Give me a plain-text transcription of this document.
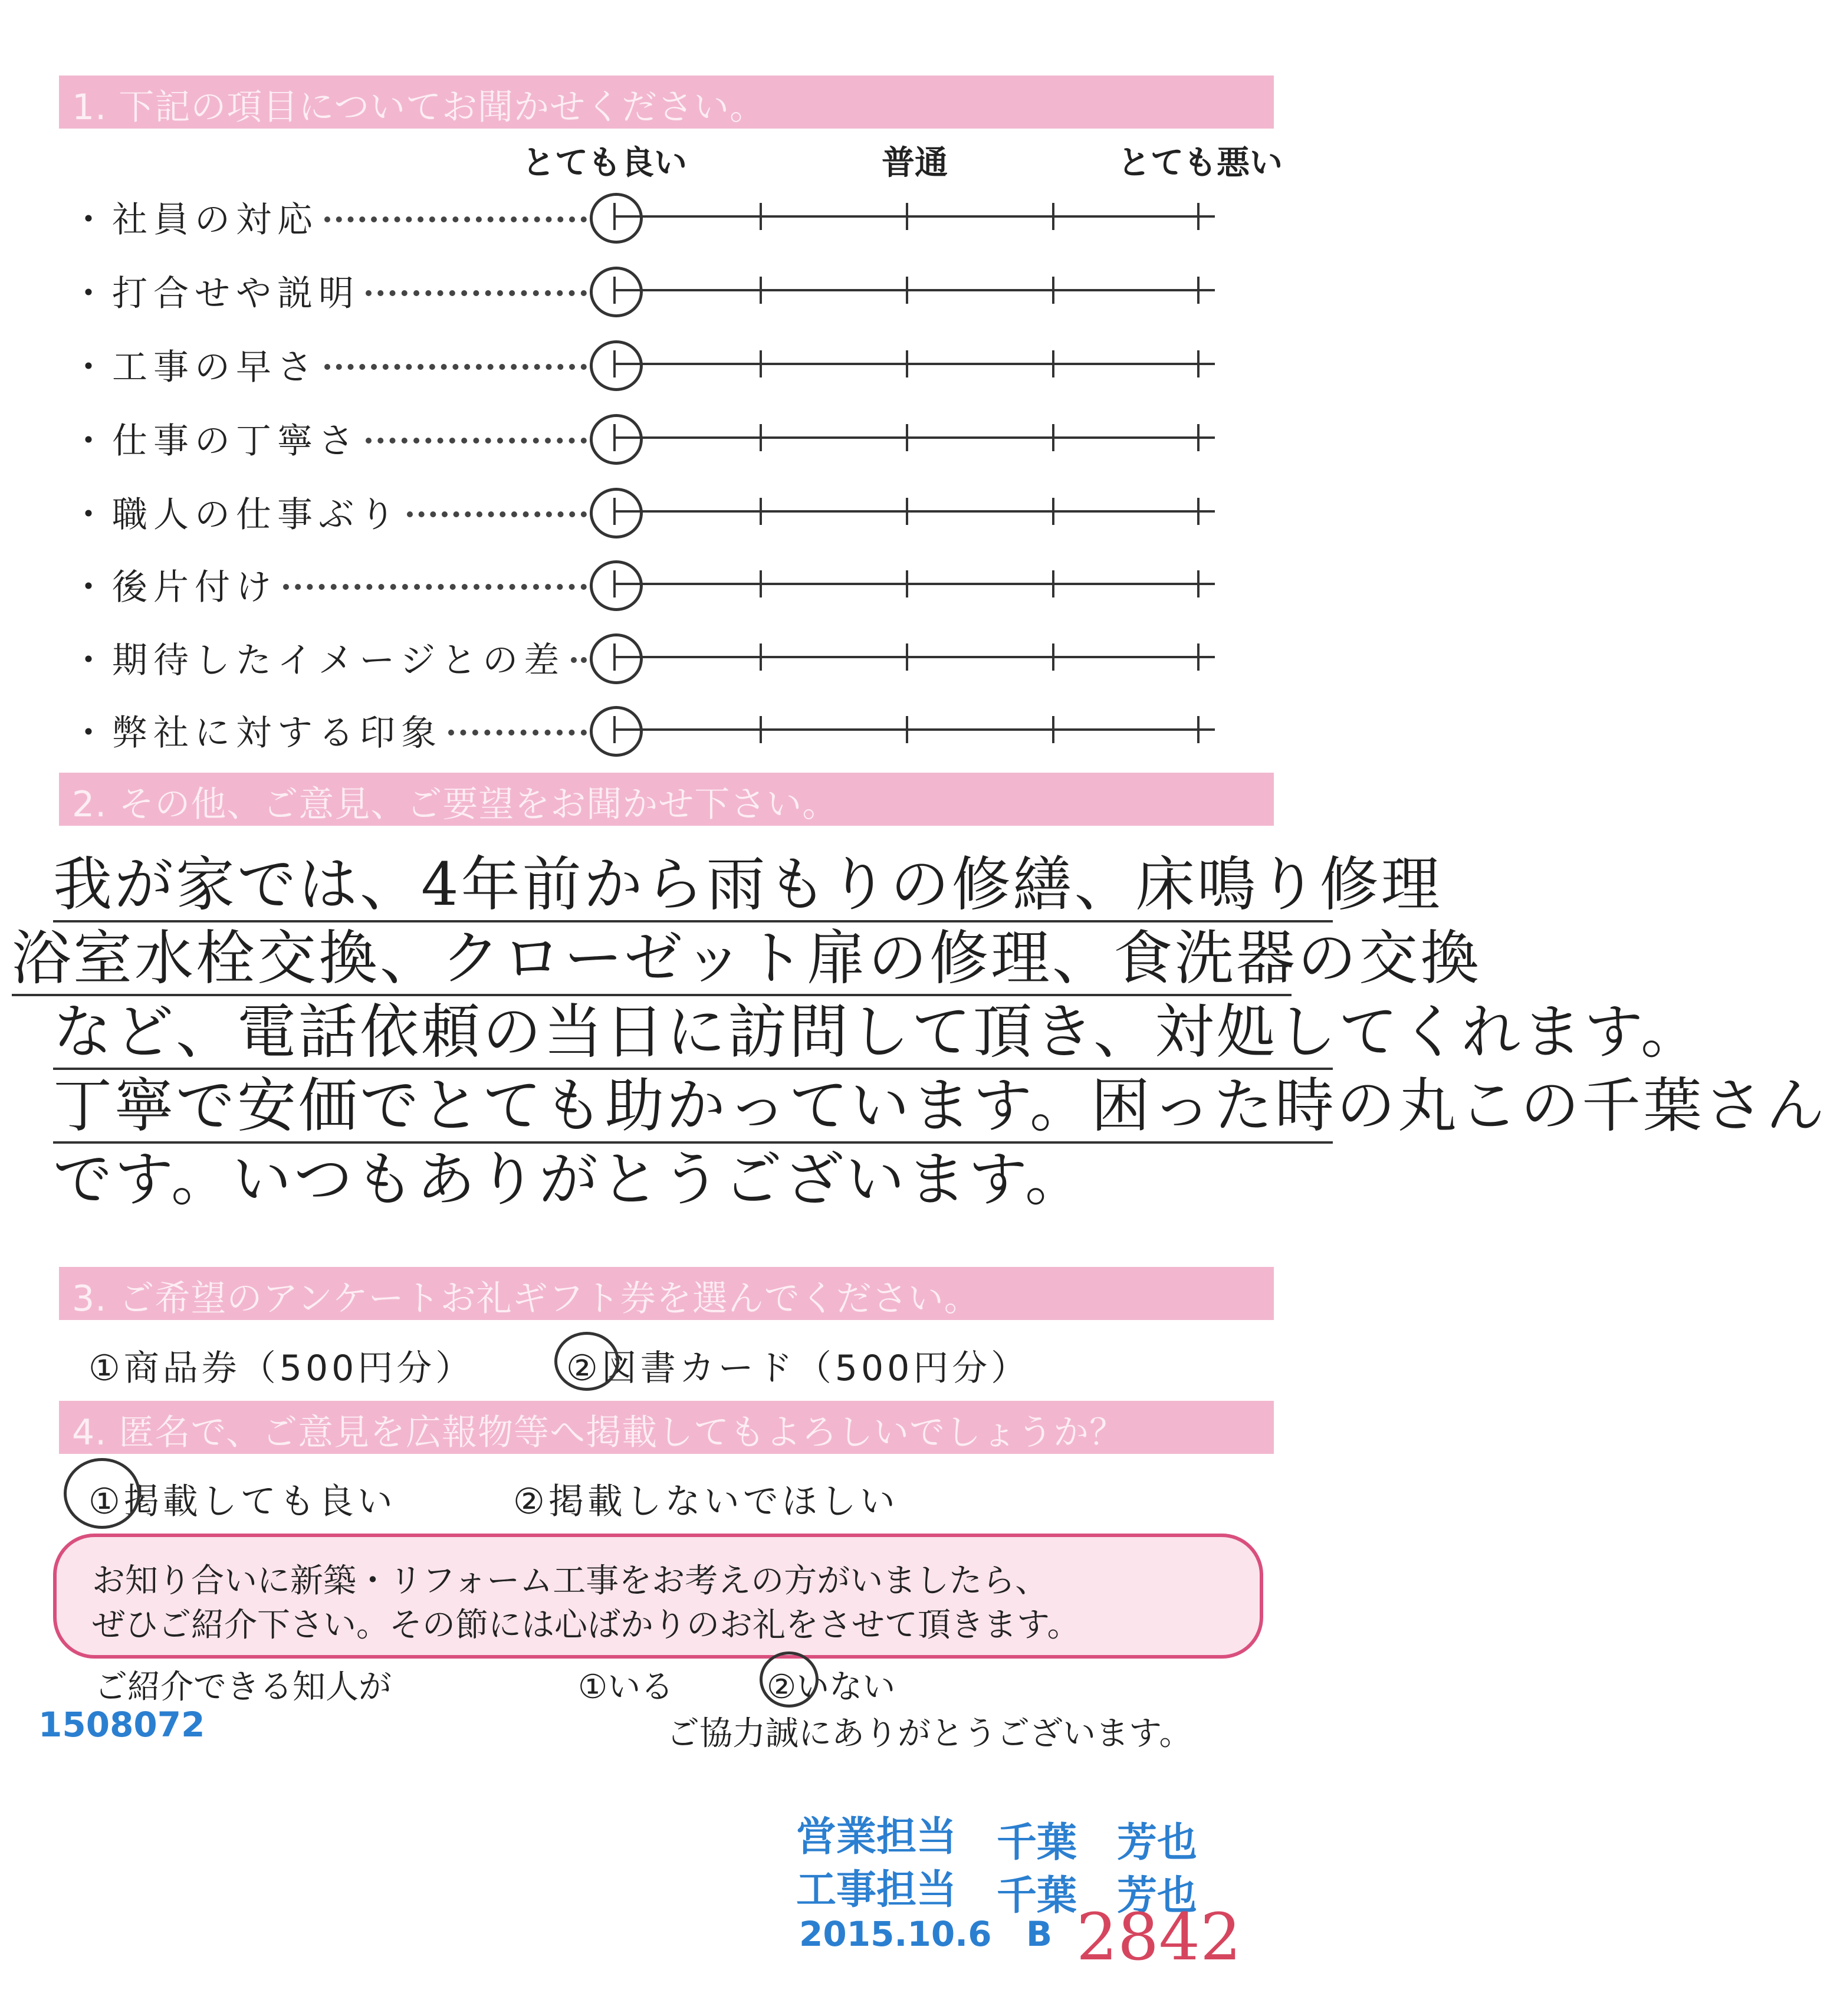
1. 下記の項目についてお聞かせください。
とても良い	普通	とても悪い
・社員の対応
・打合せや説明
・工事の早さ
・仕事の丁寧さ
・職人の仕事ぶり
・後片付け
・期待したイメージとの差
・弊社に対する印象
2. その他、ご意見、ご要望をお聞かせ下さい。
我が家では、4年前から雨もりの修繕、床鳴り修理
浴室水栓交換、クローゼット扉の修理、食洗器の交換
など、電話依頼の当日に訪問して頂き、対処してくれます。
丁寧で安価でとても助かっています。困った時の丸この千葉さん
です。いつもありがとうございます。
3. ご希望のアンケートお礼ギフト券を選んでください。
①商品券（500円分）	②図書カード（500円分）
4. 匿名で、ご意見を広報物等へ掲載してもよろしいでしょうか？
①掲載しても良い	②掲載しないでほしい
お知り合いに新築・リフォーム工事をお考えの方がいましたら、
ぜひご紹介下さい。その節には心ばかりのお礼をさせて頂きます。
ご紹介できる知人が	①いる	②いない
1508072	ご協力誠にありがとうございます。
営業担当 千葉　芳也
工事担当 千葉　芳也
2015.10.6 B 2842
